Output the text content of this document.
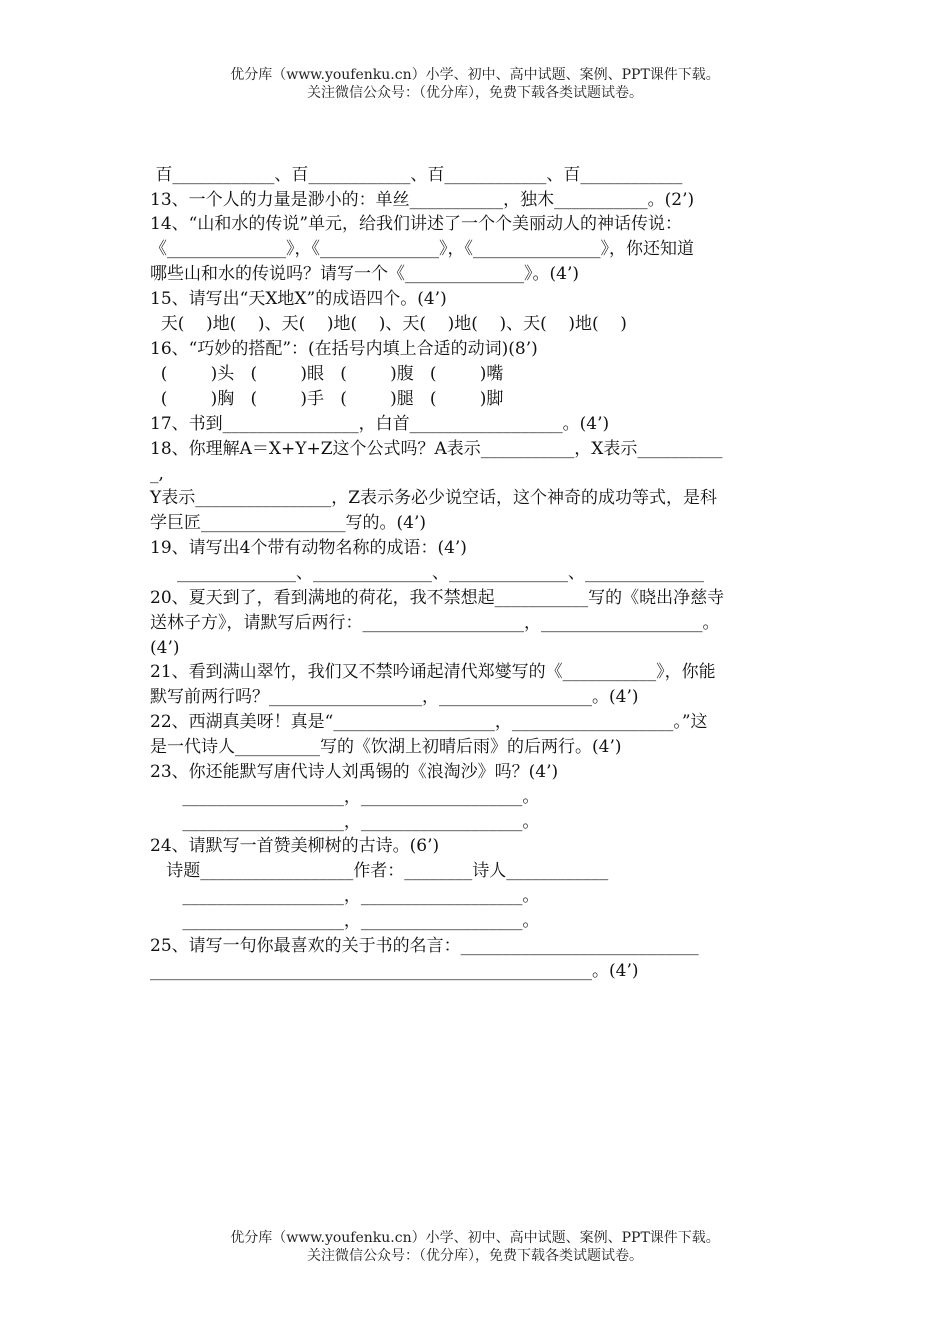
优分库（www.youfenku.cn）小学、初中、高中试题、案例、PPT课件下载。
关注微信公众号：（优分库），免费下载各类试题试卷。
百____________、百____________、百____________、百____________
13、一个人的力量是渺小的：单丝___________，独木___________。(2’)
14、“山和水的传说”单元，给我们讲述了一个个美丽动人的神话传说：
《______________》，《______________》，《_______________》，你还知道
哪些山和水的传说吗？请写一个《______________》。(4’)
15、请写出“天X地X”的成语四个。(4’)
天(    )地(    )、天(    )地(    )、天(    )地(    )、天(    )地(    )
16、“巧妙的搭配”：(在括号内填上合适的动词)(8’)
(        )头   (        )眼   (        )腹   (        )嘴
(        )胸   (        )手   (        )腿   (        )脚
17、书到________________，白首__________________。(4’)
18、你理解A＝X+Y+Z这个公式吗？A表示___________，X表示__________
_,
Y表示________________，Z表示务必少说空话，这个神奇的成功等式，是科
学巨匠_________________写的。(4’)
19、请写出4个带有动物名称的成语：(4’)
______________、______________、______________、______________
20、夏天到了，看到满地的荷花，我不禁想起___________写的《晓出净慈寺
送林子方》，请默写后两行：___________________，___________________。
(4’)
21、看到满山翠竹，我们又不禁吟诵起清代郑燮写的《___________》，你能
默写前两行吗？__________________，__________________。(4’)
22、西湖真美呀！真是“___________________，___________________。”这
是一代诗人__________写的《饮湖上初晴后雨》的后两行。(4’)
23、你还能默写唐代诗人刘禹锡的《浪淘沙》吗？(4’)
___________________，___________________。
___________________，___________________。
24、请默写一首赞美柳树的古诗。(6’)
诗题__________________作者：________诗人____________
___________________，___________________。
___________________，___________________。
25、请写一句你最喜欢的关于书的名言：____________________________
____________________________________________________。(4’)
优分库（www.youfenku.cn）小学、初中、高中试题、案例、PPT课件下载。
关注微信公众号：（优分库），免费下载各类试题试卷。
